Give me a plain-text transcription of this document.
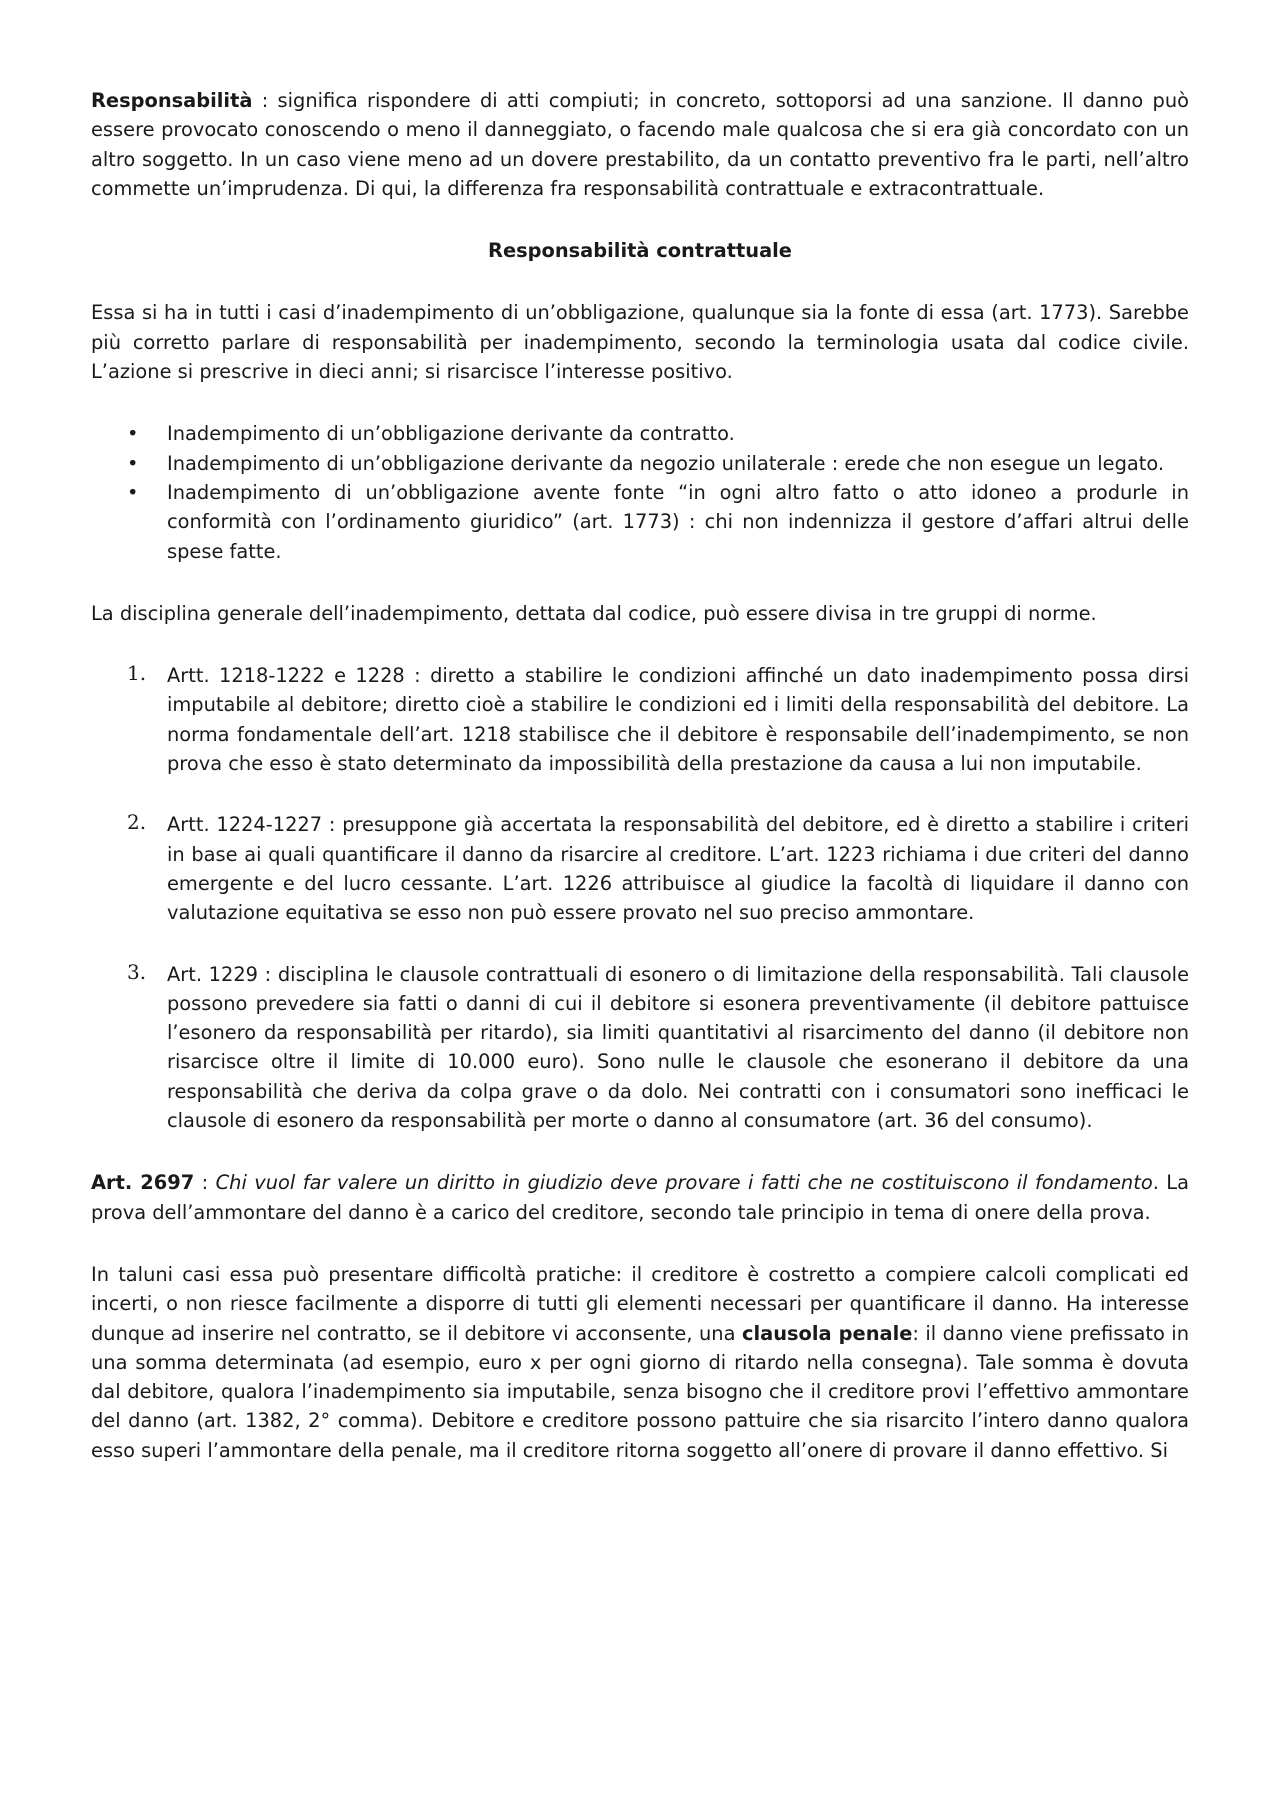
Responsabilità : significa rispondere di atti compiuti; in concreto, sottoporsi ad una sanzione. Il danno può essere provocato conoscendo o meno il danneggiato, o facendo male qualcosa che si era già concordato con un altro soggetto. In un caso viene meno ad un dovere prestabilito, da un contatto preventivo fra le parti, nell’altro commette un’imprudenza. Di qui, la differenza fra responsabilità contrattuale e extracontrattuale.

Responsabilità contrattuale

Essa si ha in tutti i casi d’inadempimento di un’obbligazione, qualunque sia la fonte di essa (art. 1773). Sarebbe più corretto parlare di responsabilità per inadempimento, secondo la terminologia usata dal codice civile. L’azione si prescrive in dieci anni; si risarcisce l’interesse positivo.

• Inadempimento di un’obbligazione derivante da contratto.
• Inadempimento di un’obbligazione derivante da negozio unilaterale : erede che non esegue un legato.
• Inadempimento di un’obbligazione avente fonte “in ogni altro fatto o atto idoneo a produrle in conformità con l’ordinamento giuridico” (art. 1773) : chi non indennizza il gestore d’affari altrui delle spese fatte.

La disciplina generale dell’inadempimento, dettata dal codice, può essere divisa in tre gruppi di norme.

1. Artt. 1218-1222 e 1228 : diretto a stabilire le condizioni affinché un dato inadempimento possa dirsi imputabile al debitore; diretto cioè a stabilire le condizioni ed i limiti della responsabilità del debitore. La norma fondamentale dell’art. 1218 stabilisce che il debitore è responsabile dell’inadempimento, se non prova che esso è stato determinato da impossibilità della prestazione da causa a lui non imputabile.
2. Artt. 1224-1227 : presuppone già accertata la responsabilità del debitore, ed è diretto a stabilire i criteri in base ai quali quantificare il danno da risarcire al creditore. L’art. 1223 richiama i due criteri del danno emergente e del lucro cessante. L’art. 1226 attribuisce al giudice la facoltà di liquidare il danno con valutazione equitativa se esso non può essere provato nel suo preciso ammontare.
3. Art. 1229 : disciplina le clausole contrattuali di esonero o di limitazione della responsabilità. Tali clausole possono prevedere sia fatti o danni di cui il debitore si esonera preventivamente (il debitore pattuisce l’esonero da responsabilità per ritardo), sia limiti quantitativi al risarcimento del danno (il debitore non risarcisce oltre il limite di 10.000 euro). Sono nulle le clausole che esonerano il debitore da una responsabilità che deriva da colpa grave o da dolo. Nei contratti con i consumatori sono inefficaci le clausole di esonero da responsabilità per morte o danno al consumatore (art. 36 del consumo).

Art. 2697 : Chi vuol far valere un diritto in giudizio deve provare i fatti che ne costituiscono il fondamento. La prova dell’ammontare del danno è a carico del creditore, secondo tale principio in tema di onere della prova.

In taluni casi essa può presentare difficoltà pratiche: il creditore è costretto a compiere calcoli complicati ed incerti, o non riesce facilmente a disporre di tutti gli elementi necessari per quantificare il danno. Ha interesse dunque ad inserire nel contratto, se il debitore vi acconsente, una clausola penale: il danno viene prefissato in una somma determinata (ad esempio, euro x per ogni giorno di ritardo nella consegna). Tale somma è dovuta dal debitore, qualora l’inadempimento sia imputabile, senza bisogno che il creditore provi l’effettivo ammontare del danno (art. 1382, 2° comma). Debitore e creditore possono pattuire che sia risarcito l’intero danno qualora esso superi l’ammontare della penale, ma il creditore ritorna soggetto all’onere di provare il danno effettivo. Si
